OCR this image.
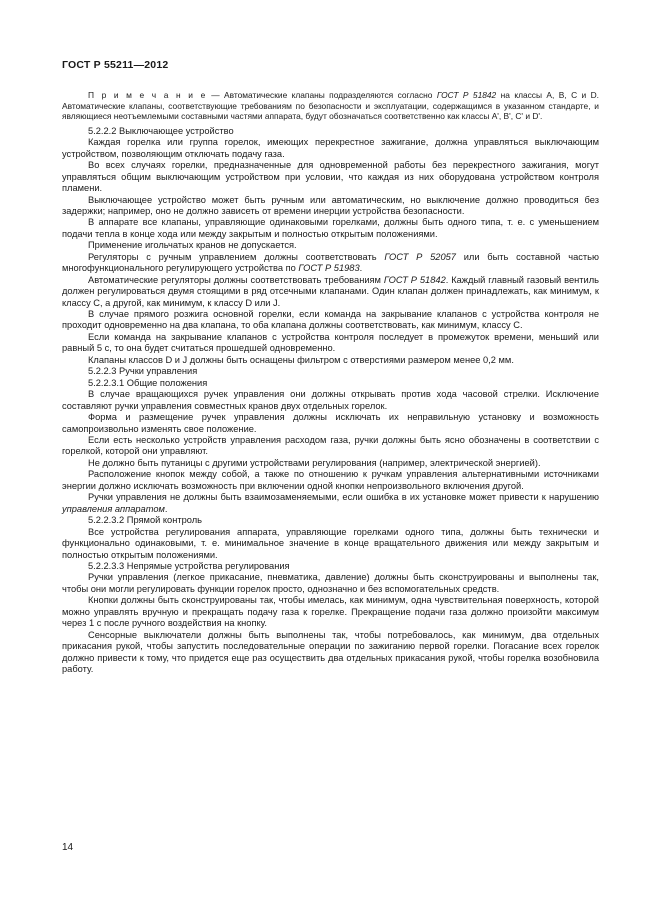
ГОСТ Р 55211—2012

П р и м е ч а н и е — Автоматические клапаны подразделяются согласно ГОСТ Р 51842 на классы A, B, C и D. Автоматические клапаны, соответствующие требованиям по безопасности и эксплуатации, содержащимся в указанном стандарте, и являющиеся неотъемлемыми составными частями аппарата, будут обозначаться соответственно как классы A', B', C' и D'.

5.2.2.2 Выключающее устройство

Каждая горелка или группа горелок, имеющих перекрестное зажигание, должна управляться выключающим устройством, позволяющим отключать подачу газа.

Во всех случаях горелки, предназначенные для одновременной работы без перекрестного зажигания, могут управляться общим выключающим устройством при условии, что каждая из них оборудована устройством контроля пламени.

Выключающее устройство может быть ручным или автоматическим, но выключение должно проводиться без задержки; например, оно не должно зависеть от времени инерции устройства безопасности.

В аппарате все клапаны, управляющие одинаковыми горелками, должны быть одного типа, т. е. с уменьшением подачи тепла в конце хода или между закрытым и полностью открытым положениями.

Применение игольчатых кранов не допускается.

Регуляторы с ручным управлением должны соответствовать ГОСТ Р 52057 или быть составной частью многофункционального регулирующего устройства по ГОСТ Р 51983.

Автоматические регуляторы должны соответствовать требованиям ГОСТ Р 51842. Каждый главный газовый вентиль должен регулироваться двумя стоящими в ряд отсечными клапанами. Один клапан должен принадлежать, как минимум, к классу С, а другой, как минимум, к классу D или J.

В случае прямого розжига основной горелки, если команда на закрывание клапанов с устройства контроля не проходит одновременно на два клапана, то оба клапана должны соответствовать, как минимум, классу С.

Если команда на закрывание клапанов с устройства контроля последует в промежуток времени, меньший или равный 5 с, то она будет считаться прошедшей одновременно.

Клапаны классов D и J должны быть оснащены фильтром с отверстиями размером менее 0,2 мм.

5.2.2.3 Ручки управления

5.2.2.3.1 Общие положения

В случае вращающихся ручек управления они должны открывать против хода часовой стрелки. Исключение составляют ручки управления совместных кранов двух отдельных горелок.

Форма и размещение ручек управления должны исключать их неправильную установку и возможность самопроизвольно изменять свое положение.

Если есть несколько устройств управления расходом газа, ручки должны быть ясно обозначены в соответствии с горелкой, которой они управляют.

Не должно быть путаницы с другими устройствами регулирования (например, электрической энергией).

Расположение кнопок между собой, а также по отношению к ручкам управления альтернативными источниками энергии должно исключать возможность при включении одной кнопки непроизвольного включения другой.

Ручки управления не должны быть взаимозаменяемыми, если ошибка в их установке может привести к нарушению управления аппаратом.

5.2.2.3.2 Прямой контроль

Все устройства регулирования аппарата, управляющие горелками одного типа, должны быть технически и функционально одинаковыми, т. е. минимальное значение в конце вращательного движения или между закрытым и полностью открытым положениями.

5.2.2.3.3 Непрямые устройства регулирования

Ручки управления (легкое прикасание, пневматика, давление) должны быть сконструированы и выполнены так, чтобы они могли регулировать функции горелок просто, однозначно и без вспомогательных средств.

Кнопки должны быть сконструированы так, чтобы имелась, как минимум, одна чувствительная поверхность, которой можно управлять вручную и прекращать подачу газа к горелке. Прекращение подачи газа должно произойти максимум через 1 с после ручного воздействия на кнопку.

Сенсорные выключатели должны быть выполнены так, чтобы потребовалось, как минимум, два отдельных прикасания рукой, чтобы запустить последовательные операции по зажиганию первой горелки. Погасание всех горелок должно привести к тому, что придется еще раз осуществить два отдельных прикасания рукой, чтобы горелка возобновила работу.

14
